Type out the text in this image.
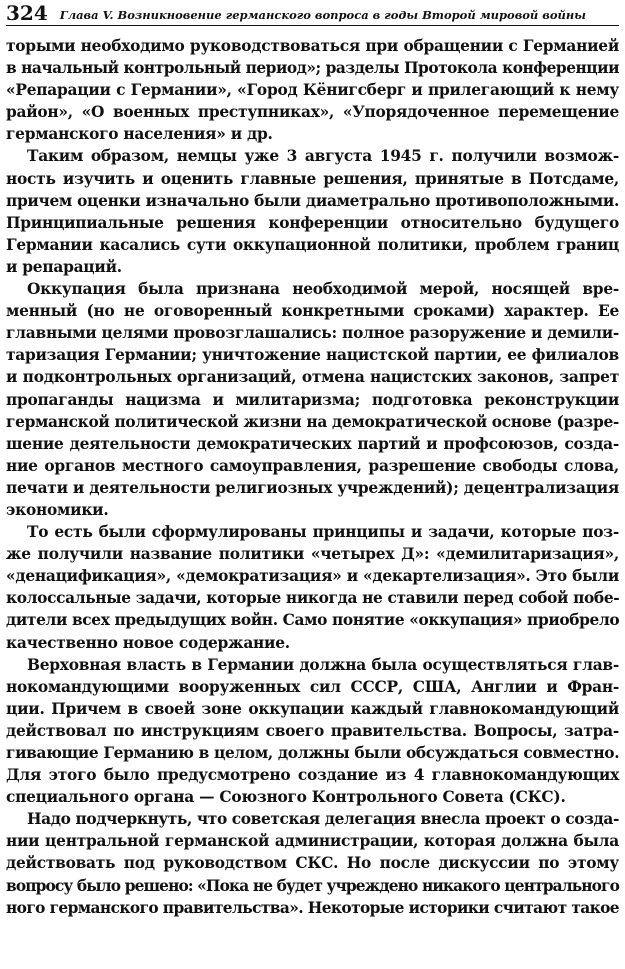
324 Глава V. Возникновение германского вопроса в годы Второй мировой войны
торыми необходимо руководствоваться при обращении с Германией
в начальный контрольный период»; разделы Протокола конференции
«Репарации с Германии», «Город Кёнигсберг и прилегающий к нему
район», «О военных преступниках», «Упорядоченное перемещение
германского населения» и др.
Таким образом, немцы уже 3 августа 1945 г. получили возмож-
ность изучить и оценить главные решения, принятые в Потсдаме,
причем оценки изначально были диаметрально противоположными.
Принципиальные решения конференции относительно будущего
Германии касались сути оккупационной политики, проблем границ
и репараций.
Оккупация была признана необходимой мерой, носящей вре-
менный (но не оговоренный конкретными сроками) характер. Ее
главными целями провозглашались: полное разоружение и демили-
таризация Германии; уничтожение нацистской партии, ее филиалов
и подконтрольных организаций, отмена нацистских законов, запрет
пропаганды нацизма и милитаризма; подготовка реконструкции
германской политической жизни на демократической основе (разре-
шение деятельности демократических партий и профсоюзов, созда-
ние органов местного самоуправления, разрешение свободы слова,
печати и деятельности религиозных учреждений); децентрализация
экономики.
То есть были сформулированы принципы и задачи, которые поз-
же получили название политики «четырех Д»: «демилитаризация»,
«денацификация», «демократизация» и «декартелизация». Это были
колоссальные задачи, которые никогда не ставили перед собой побе-
дители всех предыдущих войн. Само понятие «оккупация» приобрело
качественно новое содержание.
Верховная власть в Германии должна была осуществляться глав-
нокомандующими вооруженных сил СССР, США, Англии и Фран-
ции. Причем в своей зоне оккупации каждый главнокомандующий
действовал по инструкциям своего правительства. Вопросы, затра-
гивающие Германию в целом, должны были обсуждаться совместно.
Для этого было предусмотрено создание из 4 главнокомандующих
специального органа — Союзного Контрольного Совета (СКС).
Надо подчеркнуть, что советская делегация внесла проект о созда-
нии центральной германской администрации, которая должна была
действовать под руководством СКС. Но после дискуссии по этому
вопросу было решено: «Пока не будет учреждено никакого центрального
ного германского правительства». Некоторые историки считают такое
